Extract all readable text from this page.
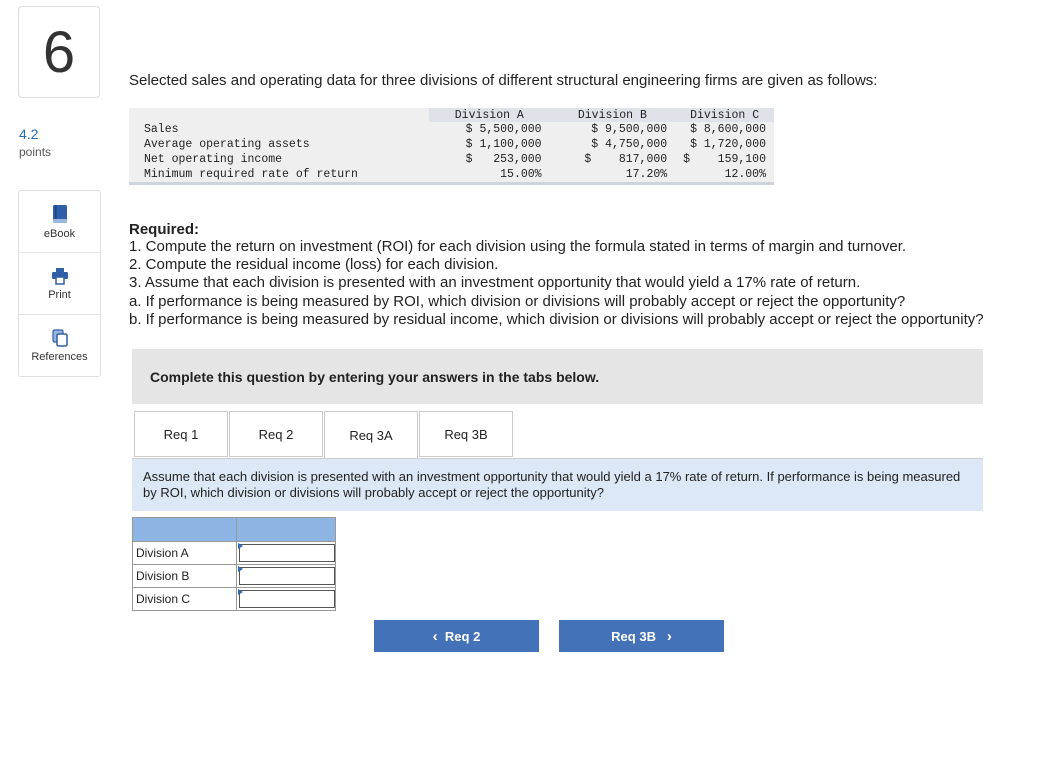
6
4.2
points
eBook
Print
References
Selected sales and operating data for three divisions of different structural engineering firms are given as follows:
	Division A	Division B	Division C
Sales	$ 5,500,000	$ 9,500,000	$ 8,600,000
Average operating assets	$ 1,100,000	$ 4,750,000	$ 1,720,000
Net operating income	$   253,000	$    817,000	$    159,100
Minimum required rate of return	15.00%	17.20%	12.00%
Required:
1. Compute the return on investment (ROI) for each division using the formula stated in terms of margin and turnover.
2. Compute the residual income (loss) for each division.
3. Assume that each division is presented with an investment opportunity that would yield a 17% rate of return.
a. If performance is being measured by ROI, which division or divisions will probably accept or reject the opportunity?
b. If performance is being measured by residual income, which division or divisions will probably accept or reject the opportunity?
Complete this question by entering your answers in the tabs below.
Req 1	Req 2	Req 3A	Req 3B
Assume that each division is presented with an investment opportunity that would yield a 17% rate of return. If performance is being measured by ROI, which division or divisions will probably accept or reject the opportunity?

Division A	

Division B	

Division C	
‹
Req 2	Req 3B
›
